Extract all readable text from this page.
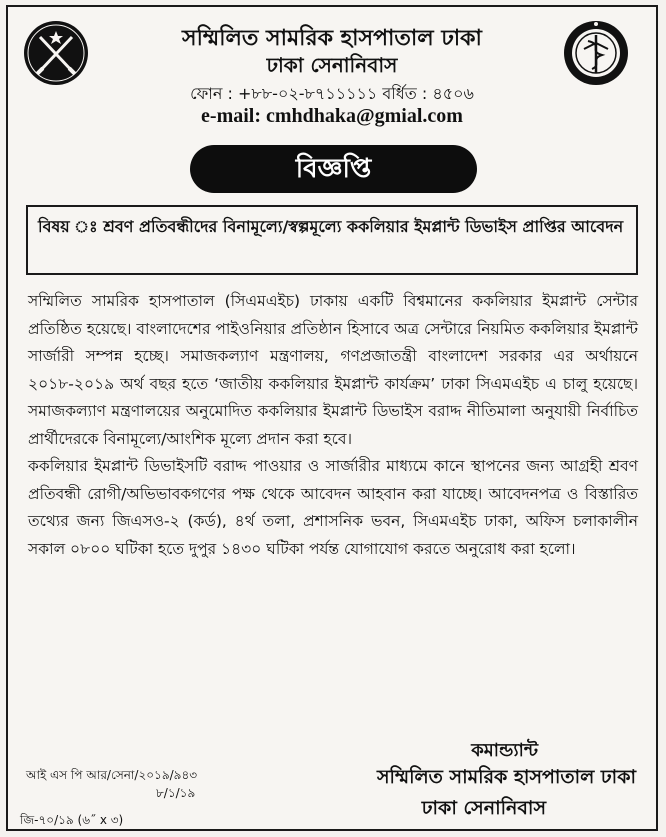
সম্মিলিত সামরিক হাসপাতাল ঢাকা
ঢাকা সেনানিবাস
ফোন : +৮৮-০২-৮৭১১১১১ বর্ধিত : ৪৫০৬
e-mail: cmhdhaka@gmial.com
বিজ্ঞপ্তি
বিষয় ঃ শ্রবণ প্রতিবন্ধীদের বিনামূল্যে/স্বল্পমূল্যে ককলিয়ার ইমপ্লান্ট ডিভাইস প্রাপ্তির আবেদন

সম্মিলিত সামরিক হাসপাতাল (সিএমএইচ) ঢাকায় একটি বিশ্বমানের ককলিয়ার ইমপ্লান্ট সেন্টার প্রতিষ্ঠিত হয়েছে। বাংলাদেশের পাইওনিয়ার প্রতিষ্ঠান হিসাবে অত্র সেন্টারে নিয়মিত ককলিয়ার ইমপ্লান্ট সার্জারী সম্পন্ন হচ্ছে। সমাজকল্যাণ মন্ত্রণালয়, গণপ্রজাতন্ত্রী বাংলাদেশ সরকার এর অর্থায়নে ২০১৮-২০১৯ অর্থ বছর হতে ‘জাতীয় ককলিয়ার ইমপ্লান্ট কার্যক্রম’ ঢাকা সিএমএইচ এ চালু হয়েছে। সমাজকল্যাণ মন্ত্রণালয়ের অনুমোদিত ককলিয়ার ইমপ্লান্ট ডিভাইস বরাদ্দ নীতিমালা অনুযায়ী নির্বাচিত প্রার্থীদেরকে বিনামূল্যে/আংশিক মূল্যে প্রদান করা হবে।

ককলিয়ার ইমপ্লান্ট ডিভাইসটি বরাদ্দ পাওয়ার ও সার্জারীর মাধ্যমে কানে স্থাপনের জন্য আগ্রহী শ্রবণ প্রতিবন্ধী রোগী/অভিভাবকগণের পক্ষ থেকে আবেদন আহবান করা যাচ্ছে। আবেদনপত্র ও বিস্তারিত তথ্যের জন্য জিএসও-২ (কর্ড), ৪র্থ তলা, প্রশাসনিক ভবন, সিএমএইচ ঢাকা, অফিস চলাকালীন সকাল ০৮০০ ঘটিকা হতে দুপুর ১৪৩০ ঘটিকা পর্যন্ত যোগাযোগ করতে অনুরোধ করা হলো।

কমান্ড্যান্ট
সম্মিলিত সামরিক হাসপাতাল ঢাকা
ঢাকা সেনানিবাস
আই এস পি আর/সেনা/২০১৯/৯৪৩
৮/১/১৯
জি-৭০/১৯ (৬˝ x ৩)
